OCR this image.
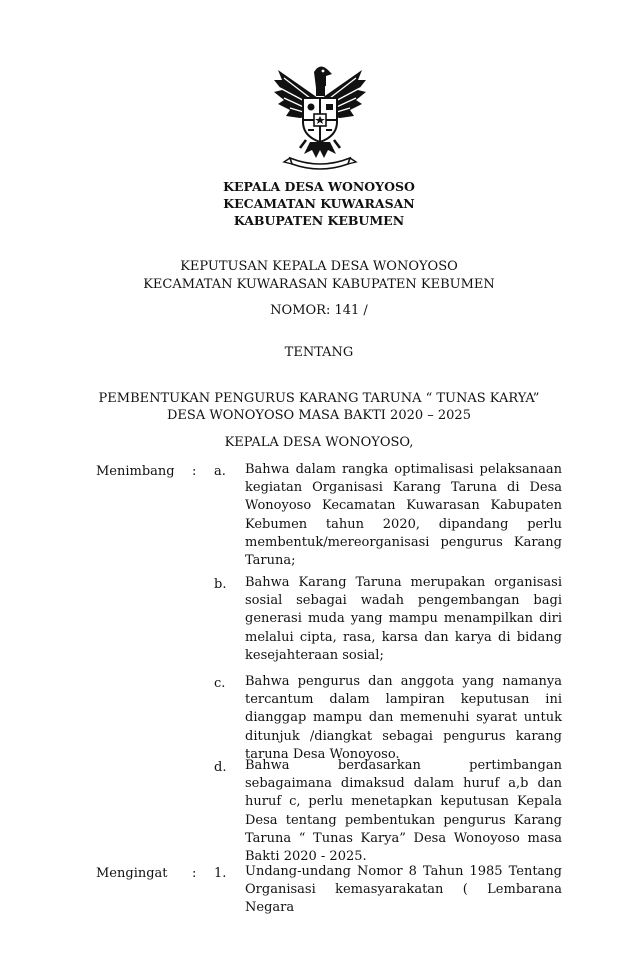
KEPALA DESA WONOYOSO
KECAMATAN KUWARASAN
KABUPATEN KEBUMEN
KEPUTUSAN KEPALA DESA WONOYOSO
KECAMATAN KUWARASAN KABUPATEN KEBUMEN
NOMOR: 141 /
TENTANG
PEMBENTUKAN PENGURUS KARANG TARUNA “ TUNAS KARYA”
DESA WONOYOSO MASA BAKTI 2020 – 2025
KEPALA DESA WONOYOSO,
Menimbang : a. Bahwa dalam rangka optimalisasi pelaksanaan kegiatan Organisasi Karang Taruna di Desa Wonoyoso Kecamatan Kuwarasan Kabupaten Kebumen tahun 2020, dipandang perlu membentuk/mereorganisasi pengurus Karang Taruna;
b. Bahwa Karang Taruna merupakan organisasi sosial sebagai wadah pengembangan bagi generasi muda yang mampu menampilkan diri melalui cipta, rasa, karsa dan karya di bidang kesejahteraan sosial;
c. Bahwa pengurus dan anggota yang namanya tercantum dalam lampiran keputusan ini dianggap mampu dan memenuhi syarat untuk ditunjuk /diangkat sebagai pengurus karang taruna Desa Wonoyoso.
d. Bahwa berdasarkan pertimbangan sebagaimana dimaksud dalam huruf a,b dan huruf c, perlu menetapkan keputusan Kepala Desa tentang pembentukan pengurus Karang Taruna “ Tunas Karya” Desa Wonoyoso masa Bakti 2020 - 2025.
Mengingat : 1. Undang-undang Nomor 8 Tahun 1985 Tentang Organisasi kemasyarakatan ( Lembarana Negara
